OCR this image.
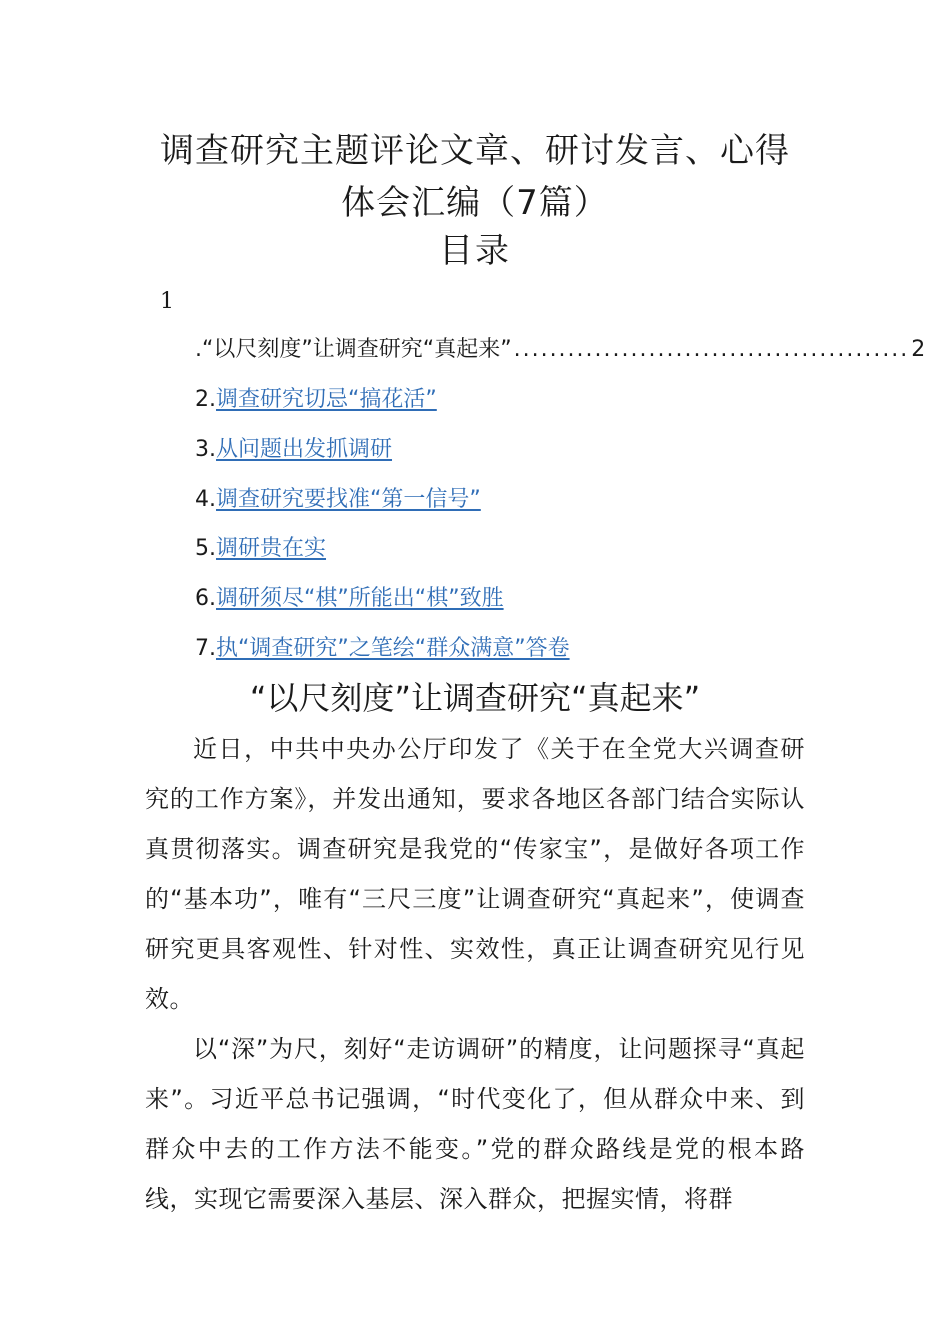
调查研究主题评论文章、研讨发言、心得
体会汇编（7篇）
目录
1
. “以尺刻度”让调查研究“真起来” ............................................ 2
2.调查研究切忌“搞花活”
3.从问题出发抓调研
4.调查研究要找准“第一信号”
5.调研贵在实
6.调研须尽“棋”所能出“棋”致胜
7.执“调查研究”之笔绘“群众满意”答卷
“以尺刻度”让调查研究“真起来”

近日，中共中央办公厅印发了《关于在全党大兴调查研究的工作方案》，并发出通知，要求各地区各部门结合实际认真贯彻落实。调查研究是我党的“传家宝”，是做好各项工作的“基本功”，唯有“三尺三度”让调查研究“真起来”，使调查研究更具客观性、针对性、实效性，真正让调查研究见行见效。

以“深”为尺，刻好“走访调研”的精度，让问题探寻“真起来”。习近平总书记强调，“时代变化了，但从群众中来、到群众中去的工作方法不能变。”党的群众路线是党的根本路线，实现它需要深入基层、深入群众，把握实情，将群
